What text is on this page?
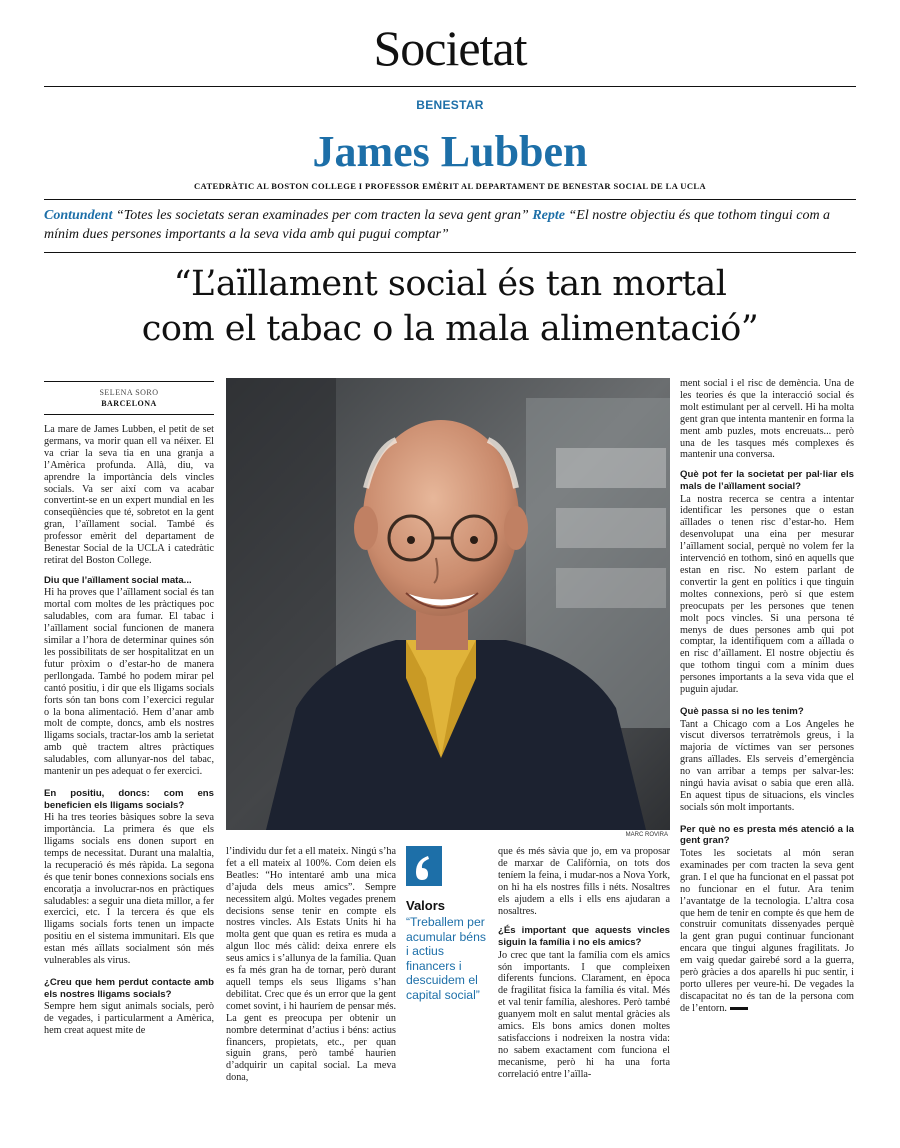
Societat
BENESTAR
James Lubben
CATEDRÀTIC AL BOSTON COLLEGE I PROFESSOR EMÈRIT AL DEPARTAMENT DE BENESTAR SOCIAL DE LA UCLA
Contundent “Totes les societats seran examinades per com tracten la seva gent gran” Repte “El nostre objectiu és que tothom tingui com a mínim dues persones importants a la seva vida amb qui pugui comptar”
“L’aïllament social és tan mortal
com el tabac o la mala alimentació”
SELENA SORO
BARCELONA

La mare de James Lubben, el petit de set germans, va morir quan ell va néixer. El va criar la seva tia en una granja a l’Amèrica profunda. Allà, diu, va aprendre la importància dels vincles socials. Va ser així com va acabar convertint-se en un expert mundial en les conseqüències que té, sobretot en la gent gran, l’aïllament social. També és professor emèrit del departament de Benestar Social de la UCLA i catedràtic retirat del Boston College.

Diu que l’aïllament social mata...

Hi ha proves que l’aïllament social és tan mortal com moltes de les pràctiques poc saludables, com ara fumar. El tabac i l’aïllament social funcionen de manera similar a l’hora de determinar quines són les possibilitats de ser hospitalitzat en un futur pròxim o d’estar-ho de manera perllongada. També ho podem mirar pel cantó positiu, i dir que els lligams socials forts són tan bons com l’exercici regular o la bona alimentació. Hem d’anar amb molt de compte, doncs, amb els nostres lligams socials, tractar-los amb la serietat amb què tractem altres pràctiques saludables, com allunyar-nos del tabac, mantenir un pes adequat o fer exercici.

En positiu, doncs: com ens beneficien els lligams socials?

Hi ha tres teories bàsiques sobre la seva importància. La primera és que els lligams socials ens donen suport en temps de necessitat. Durant una malaltia, la recuperació és més ràpida. La segona és que tenir bones connexions socials ens encoratja a involucrar-nos en pràctiques saludables: a seguir una dieta millor, a fer exercici, etc. I la tercera és que els lligams socials forts tenen un impacte positiu en el sistema immunitari. Els que estan més aïllats socialment són més vulnerables als virus.

¿Creu que hem perdut contacte amb els nostres lligams socials?

Sempre hem sigut animals socials, però de vegades, i particularment a Amèrica, hem creat aquest mite de

MARC ROVIRA

l’individu dur fet a ell mateix. Ningú s’ha fet a ell mateix al 100%. Com deien els Beatles: “Ho intentaré amb una mica d’ajuda dels meus amics”. Sempre necessitem algú. Moltes vegades prenem decisions sense tenir en compte els nostres vincles. Als Estats Units hi ha molta gent que quan es retira es muda a algun lloc més càlid: deixa enrere els seus amics i s’allunya de la família. Quan es fa més gran ha de tornar, però durant aquell temps els seus lligams s’han debilitat. Crec que és un error que la gent comet sovint, i hi hauríem de pensar més. La gent es preocupa per obtenir un nombre determinat d’actius i béns: actius financers, propietats, etc., per quan siguin grans, però també haurien d’adquirir un capital social. La meva dona,

Valors
“Treballem per acumular béns i actius financers i descuidem el capital social”

que és més sàvia que jo, em va proposar de marxar de Califòrnia, on tots dos teníem la feina, i mudar-nos a Nova York, on hi ha els nostres fills i néts. Nosaltres els ajudem a ells i ells ens ajudaran a nosaltres.

¿És important que aquests vincles siguin la família i no els amics?

Jo crec que tant la família com els amics són importants. I que compleixen diferents funcions. Clarament, en època de fragilitat física la família és vital. Més et val tenir família, aleshores. Però també guanyem molt en salut mental gràcies als amics. Els bons amics donen moltes satisfaccions i nodreixen la nostra vida: no sabem exactament com funciona el mecanisme, però hi ha una forta correlació entre l’aïlla-

ment social i el risc de demència. Una de les teories és que la interacció social és molt estimulant per al cervell. Hi ha molta gent gran que intenta mantenir en forma la ment amb puzles, mots encreuats... però una de les tasques més complexes és mantenir una conversa.

Què pot fer la societat per pal·liar els mals de l’aïllament social?

La nostra recerca se centra a intentar identificar les persones que o estan aïllades o tenen risc d’estar-ho. Hem desenvolupat una eina per mesurar l’aïllament social, perquè no volem fer la intervenció en tothom, sinó en aquells que estan en risc. No estem parlant de convertir la gent en polítics i que tinguin moltes connexions, però sí que estem preocupats per les persones que tenen molt pocs vincles. Si una persona té menys de dues persones amb qui pot comptar, la identifiquem com a aïllada o en risc d’aïllament. El nostre objectiu és que tothom tingui com a mínim dues persones importants a la seva vida que el puguin ajudar.

Què passa si no les tenim?

Tant a Chicago com a Los Angeles he viscut diversos terratrèmols greus, i la majoria de víctimes van ser persones grans aïllades. Els serveis d’emergència no van arribar a temps per salvar-les: ningú havia avisat o sabia que eren allà. En aquest tipus de situacions, els vincles socials són molt importants.

Per què no es presta més atenció a la gent gran?

Totes les societats al món seran examinades per com tracten la seva gent gran. I el que ha funcionat en el passat pot no funcionar en el futur. Ara tenim l’avantatge de la tecnologia. L’altra cosa que hem de tenir en compte és que hem de construir comunitats dissenyades perquè la gent gran pugui continuar funcionant encara que tingui algunes fragilitats. Jo em vaig quedar gairebé sord a la guerra, però gràcies a dos aparells hi puc sentir, i porto ulleres per veure-hi. De vegades la discapacitat no és tan de la persona com de l’entorn.
